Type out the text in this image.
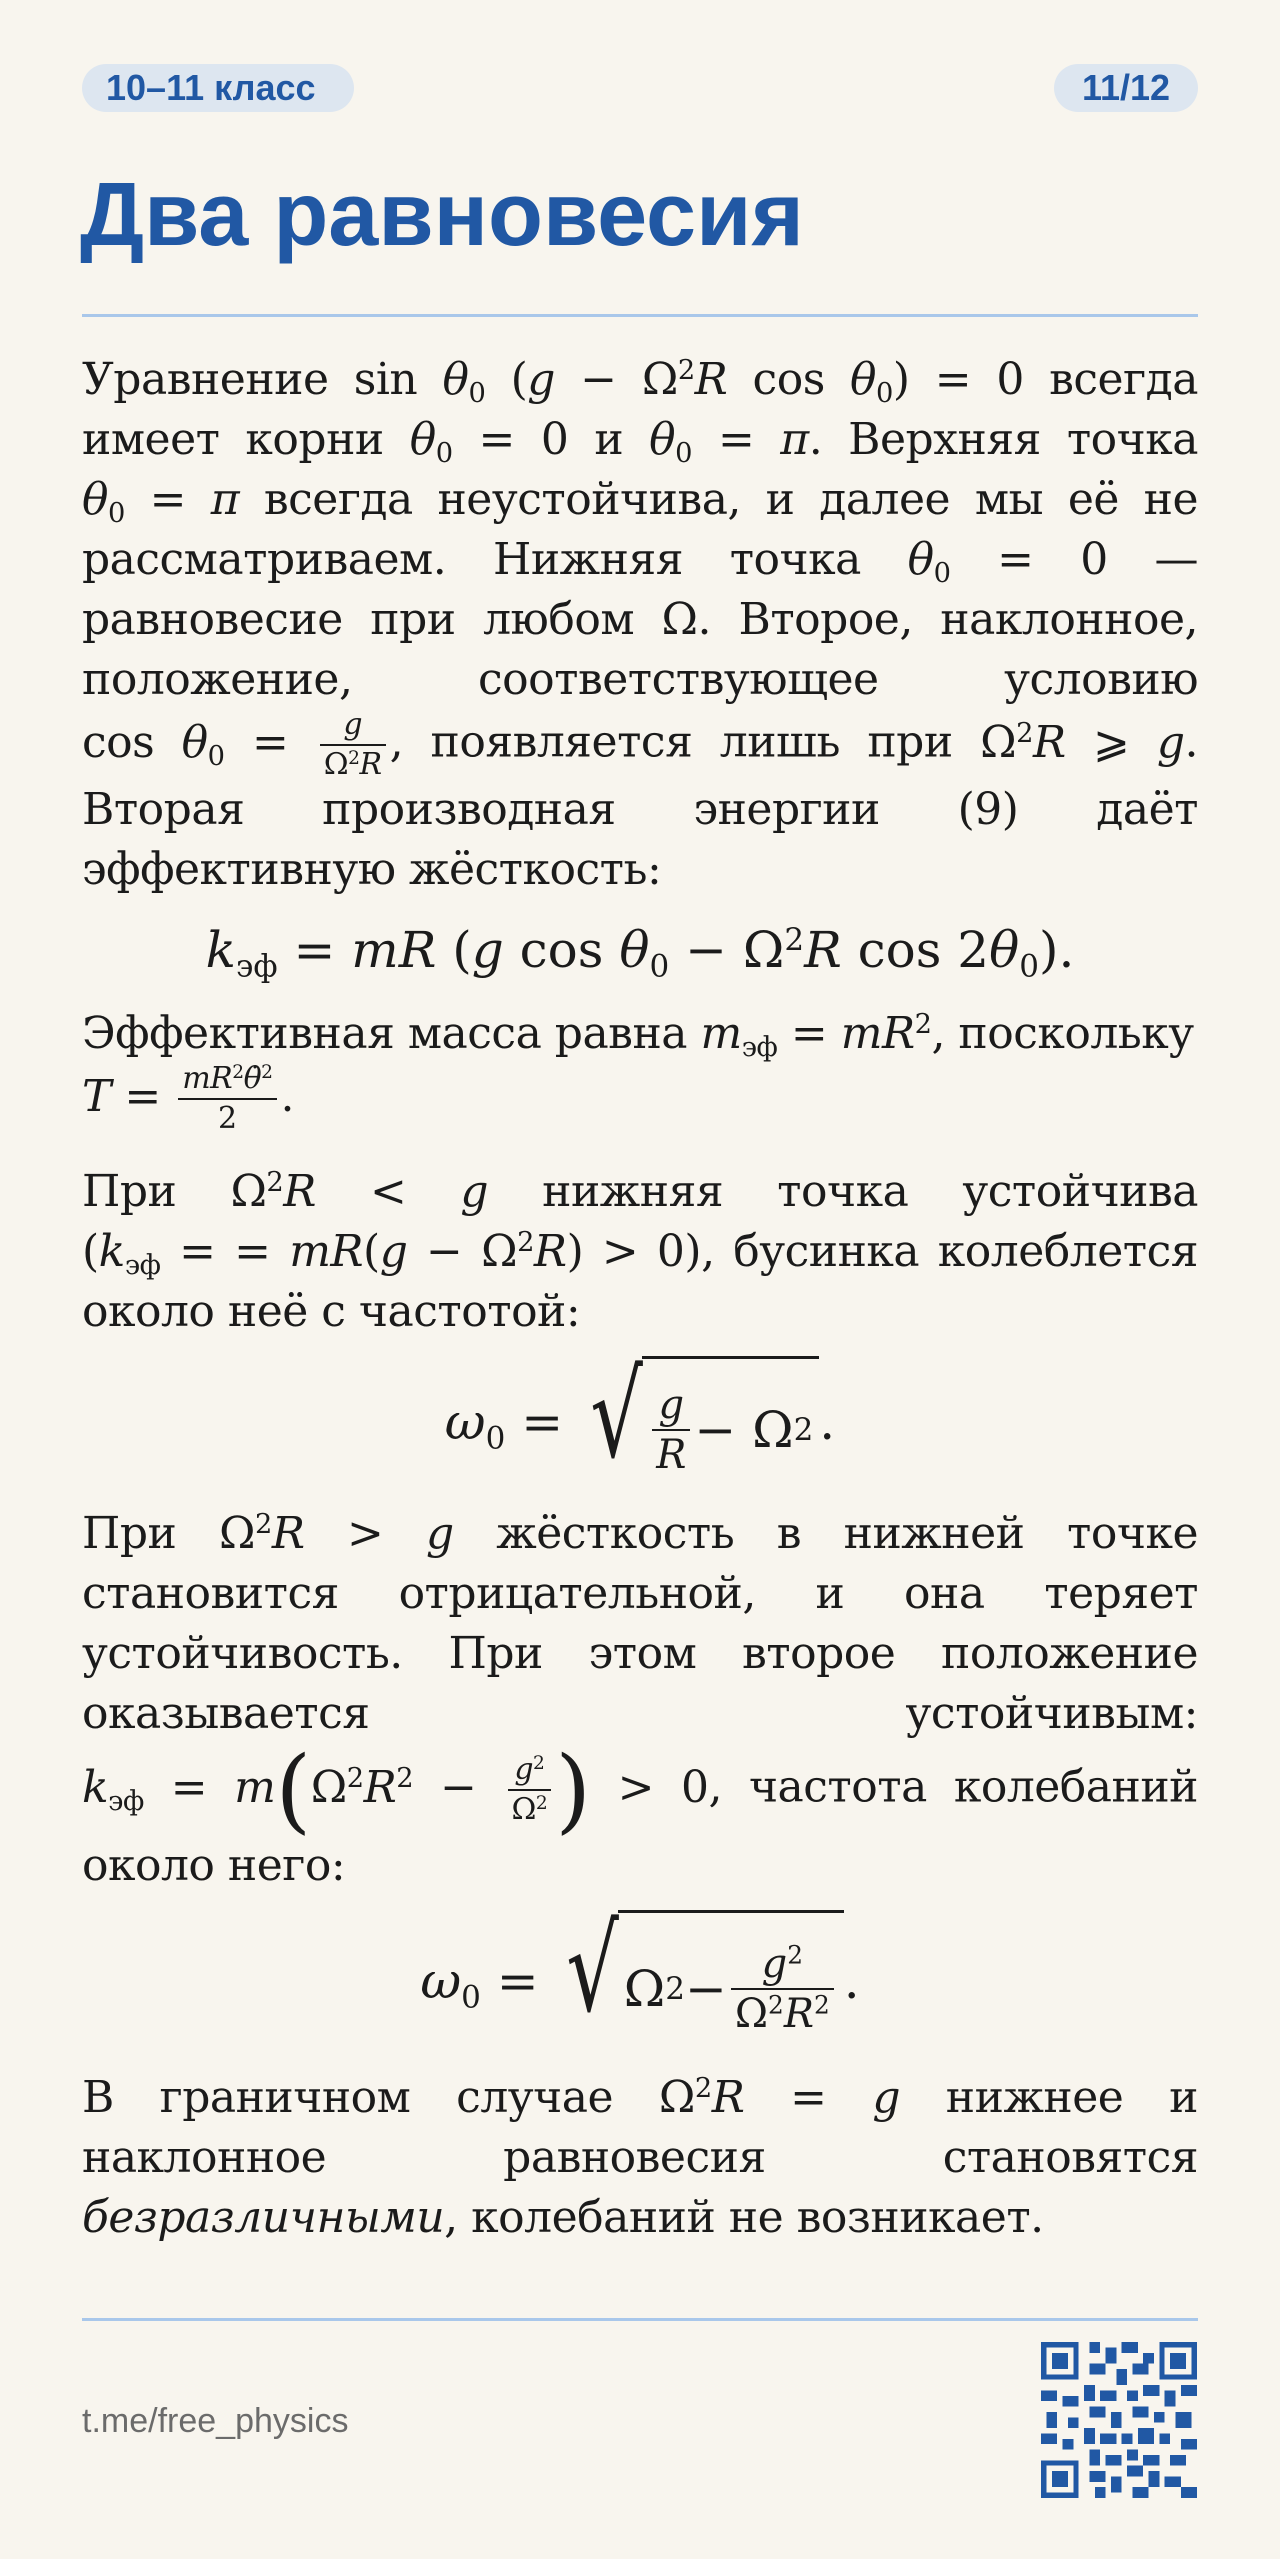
10–11 класс	11/12
Два равновесия

Уравнение $\sin \theta_0$ ($g - \Omega^2R$ $\cos \theta_0) = 0$ всегда имеет корни $\theta_0 = 0$ и $\theta_0 = \pi$. Верхняя точка $\theta_0 = \pi$ всегда неустойчива, и далее мы её не рассматриваем. Нижняя точка $\theta_0 = 0$ — равновесие при любом Ω. Второе, наклонное, положение, соответствующее условию $\cos \theta_0 = \frac{g}{\Omega^2R}$ , появляется лишь при $\Omega^2R$ ⩾ g. Вторая производная энергии (9) даёт эффективную жёсткость:

$k_{эф}$ = mR (g $\cos \theta_0 - \Omega^2R$ $\cos 2\theta_0$).

Эффективная масса равна $m_{эф} = mR^2$, поскольку
$T = \frac{mR^2\thetȧ^2}{2}$ .

При $\Omega^2R < g$ нижняя точка устойчива ($k_{эф}$ = = $mR(g - \Omega^2R) > 0$), бусинка колеблется около неё с частотой:

$\omega_0$ = √ $\frac{g}{R} - \Omega$ 2 .

При $\Omega^2R > g$ жёсткость в нижней точке становится отрицательной, и она теряет устойчивость. При этом второе положение оказывается устойчивым: $k_{эф} = m(\Omega^2R^2 - \frac{g^2}{\Omega^2}$ ) > 0, частота колебаний около него:

$\omega_0$ = √ Ω $2 - \frac{g^2}{\Omega^2R^2}$ .

В граничном случае $\Omega^2R = g$ нижнее и наклонное равновесия становятся безразличными, колебаний не возникает.

t.me/free_physics
